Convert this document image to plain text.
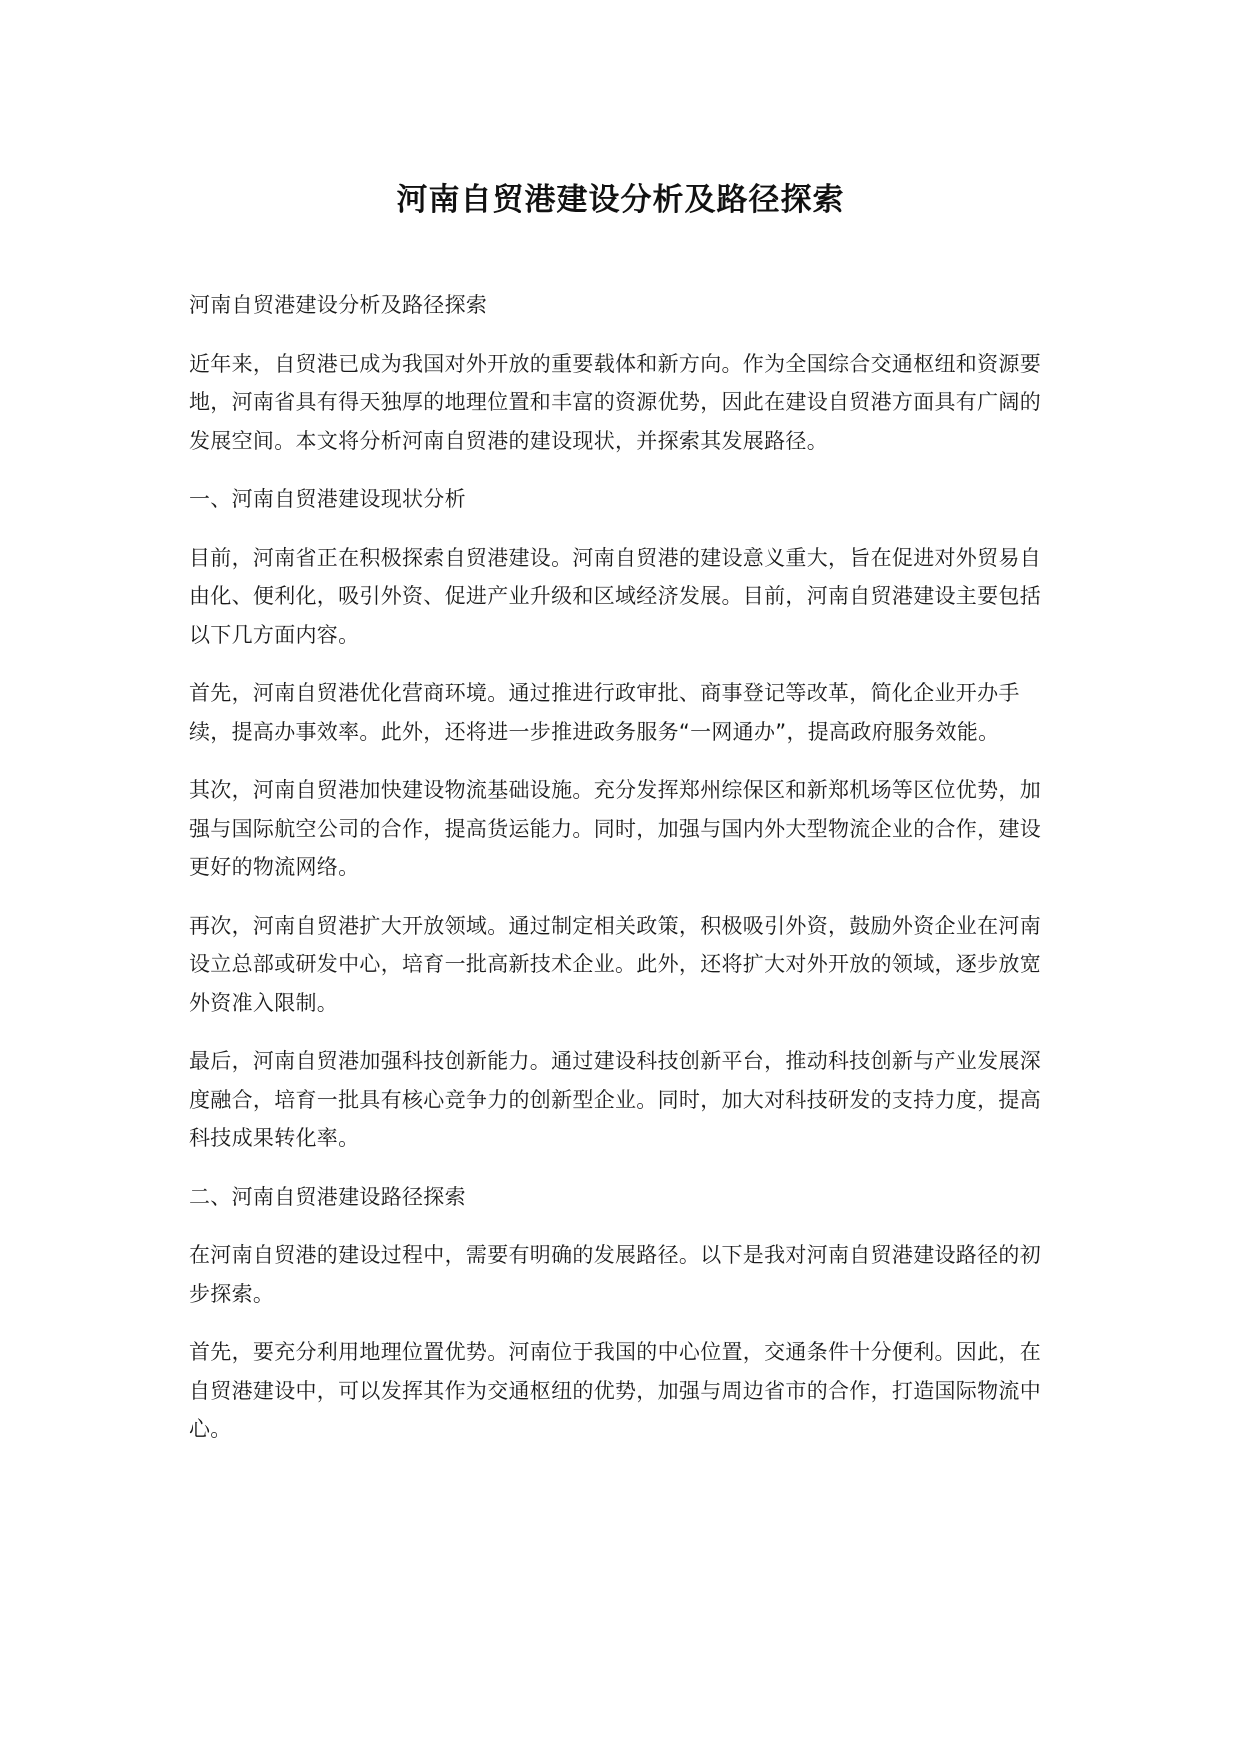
河南自贸港建设分析及路径探索

河南自贸港建设分析及路径探索

近年来，自贸港已成为我国对外开放的重要载体和新方向。作为全国综合交通枢纽和资源要地，河南省具有得天独厚的地理位置和丰富的资源优势，因此在建设自贸港方面具有广阔的发展空间。本文将分析河南自贸港的建设现状，并探索其发展路径。

一、河南自贸港建设现状分析

目前，河南省正在积极探索自贸港建设。河南自贸港的建设意义重大，旨在促进对外贸易自由化、便利化，吸引外资、促进产业升级和区域经济发展。目前，河南自贸港建设主要包括以下几方面内容。

首先，河南自贸港优化营商环境。通过推进行政审批、商事登记等改革，简化企业开办手续，提高办事效率。此外，还将进一步推进政务服务“一网通办”，提高政府服务效能。

其次，河南自贸港加快建设物流基础设施。充分发挥郑州综保区和新郑机场等区位优势，加强与国际航空公司的合作，提高货运能力。同时，加强与国内外大型物流企业的合作，建设更好的物流网络。

再次，河南自贸港扩大开放领域。通过制定相关政策，积极吸引外资，鼓励外资企业在河南设立总部或研发中心，培育一批高新技术企业。此外，还将扩大对外开放的领域，逐步放宽外资准入限制。

最后，河南自贸港加强科技创新能力。通过建设科技创新平台，推动科技创新与产业发展深度融合，培育一批具有核心竞争力的创新型企业。同时，加大对科技研发的支持力度，提高科技成果转化率。

二、河南自贸港建设路径探索

在河南自贸港的建设过程中，需要有明确的发展路径。以下是我对河南自贸港建设路径的初步探索。

首先，要充分利用地理位置优势。河南位于我国的中心位置，交通条件十分便利。因此，在自贸港建设中，可以发挥其作为交通枢纽的优势，加强与周边省市的合作，打造国际物流中心。
